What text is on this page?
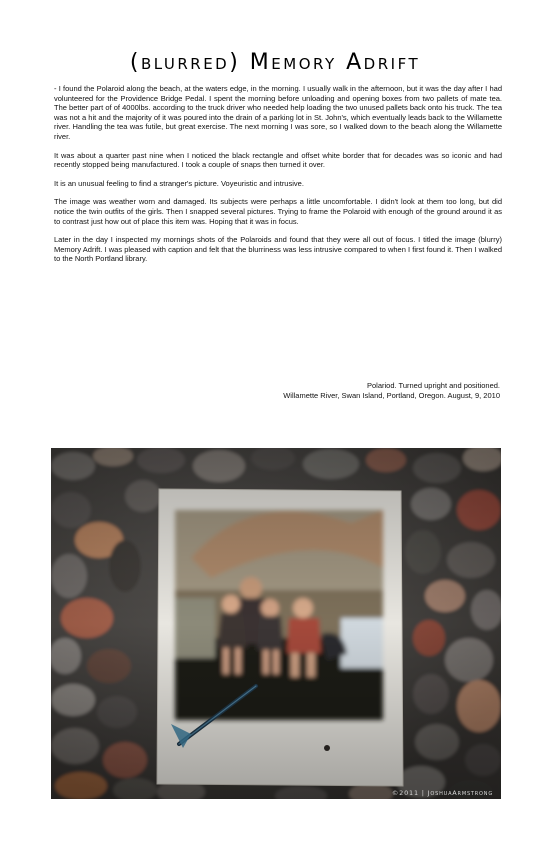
(blurred) Memory Adrift

- I found the Polaroid along the beach, at the waters edge, in the morning. I usually walk in the afternoon, but it was the day after I had volunteered for the Providence Bridge Pedal. I spent the morning before unloading and opening boxes from two pallets of mate tea. The better part of of 4000lbs. according to the truck driver who needed help loading the two unused pallets back onto his truck. The tea was not a hit and the majority of it was poured into the drain of a parking lot in St. John's, which eventually leads back to the Willamette river. Handling the tea was futile, but great exercise. The next morning I was sore, so I walked down to the beach along the Willamette river.

It was about a quarter past nine when I noticed the black rectangle and offset white border that for decades was so iconic and had recently stopped being manufactured. I took a couple of snaps then turned it over.

It is an unusual feeling to find a stranger's picture. Voyeuristic and intrusive.

The image was weather worn and damaged. Its subjects were perhaps a little uncomfortable. I didn't look at them too long, but did notice the twin outfits of the girls. Then I snapped several pictures. Trying to frame the Polaroid with enough of the ground around it as to contrast just how out of place this item was. Hoping that it was in focus.

Later in the day I inspected my mornings shots of the Polaroids and found that they were all out of focus. I titled the image (blurry) Memory Adrift. I was pleased with caption and felt that the blurriness was less intrusive compared to when I first found it. Then I walked to the North Portland library.

Polariod. Turned upright and positioned.
Willamette River, Swan Island, Portland, Oregon. August, 9, 2010
©2011 | JoshuaArmstrong
